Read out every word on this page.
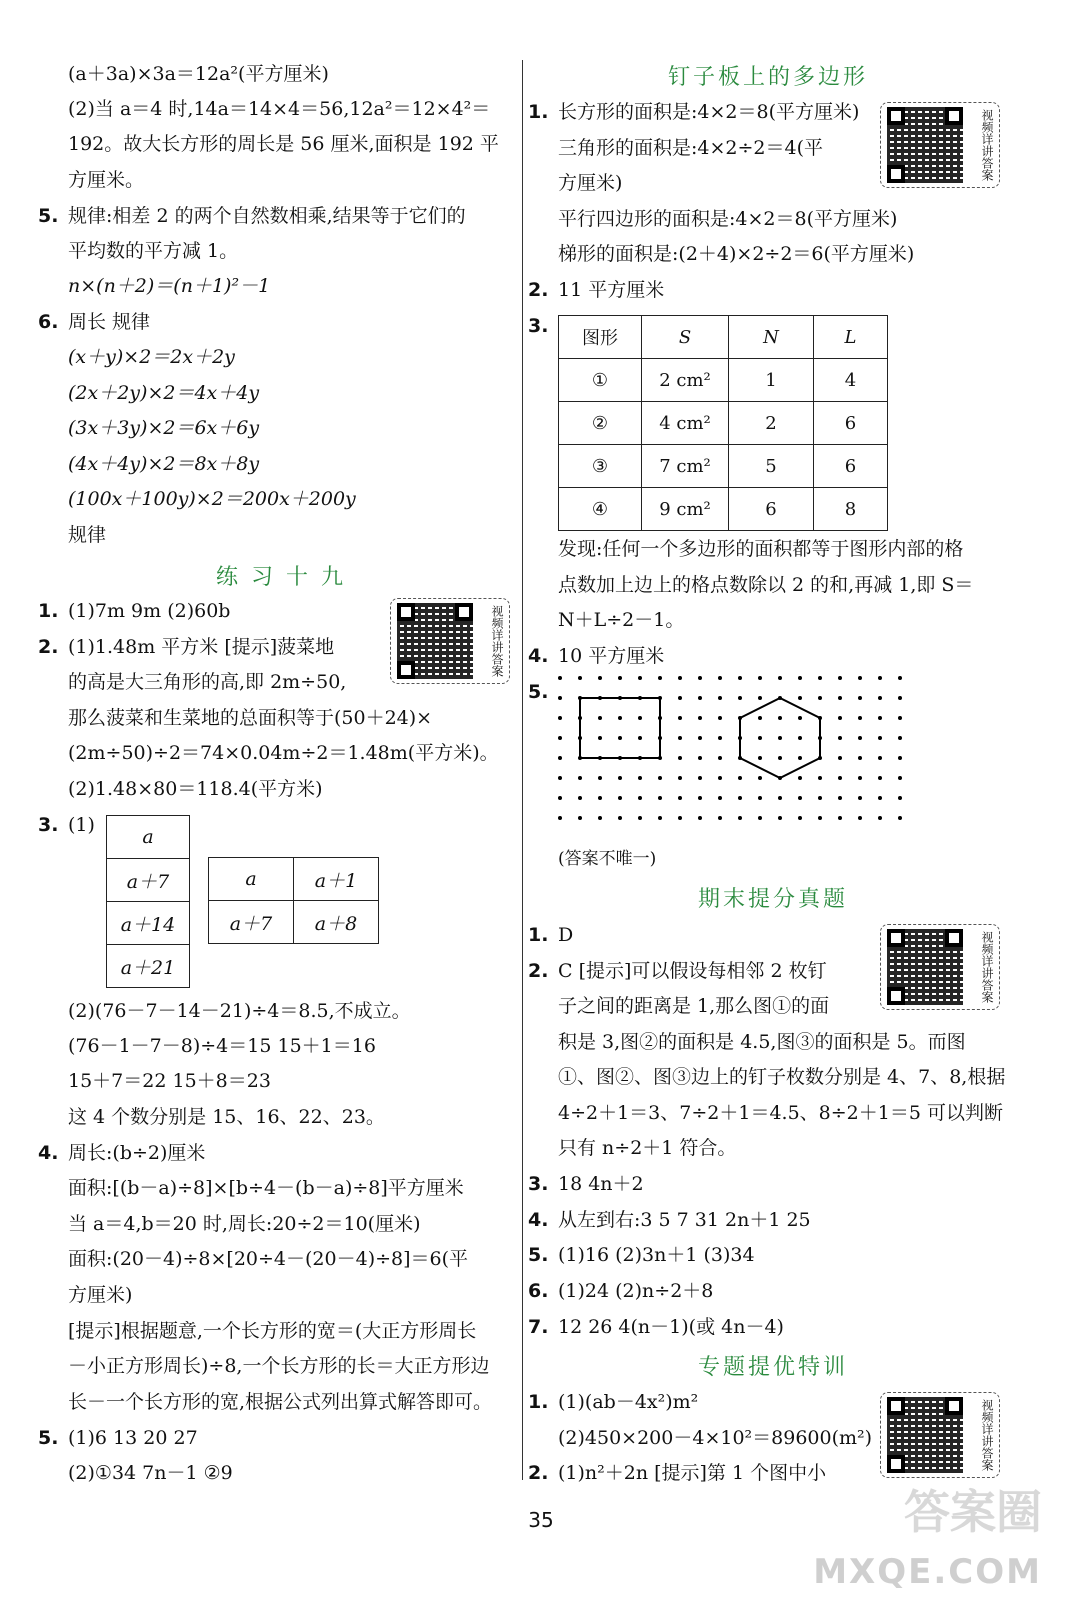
(a＋3a)×3a＝12a²(平方厘米)
(2)当 a＝4 时,14a＝14×4＝56,12a²＝12×4²＝
192。故大长方形的周长是 56 厘米,面积是 192 平
方厘米。
5. 规律:相差 2 的两个自然数相乘,结果等于它们的
平均数的平方减 1。
n×(n＋2)＝(n＋1)²－1
6. 周长 规律
(x＋y)×2＝2x＋2y
(2x＋2y)×2＝4x＋4y
(3x＋3y)×2＝6x＋6y
(4x＋4y)×2＝8x＋8y
(100x＋100y)×2＝200x＋200y
规律
练 习 十 九
视频详讲答案
1. (1)7m 9m (2)60b
2. (1)1.48m 平方米 [提示]菠菜地
的高是大三角形的高,即 2m÷50,
那么菠菜和生菜地的总面积等于(50＋24)×
(2m÷50)÷2＝74×0.04m÷2＝1.48m(平方米)。
(2)1.48×80＝118.4(平方米)
3. (1)
a
a＋7
a＋14
a＋21
a	a＋1
a＋7	a＋8
(2)(76－7－14－21)÷4＝8.5,不成立。
(76－1－7－8)÷4＝15 15＋1＝16
15＋7＝22 15＋8＝23
这 4 个数分别是 15、16、22、23。
4. 周长:(b÷2)厘米
面积:[(b－a)÷8]×[b÷4－(b－a)÷8]平方厘米
当 a＝4,b＝20 时,周长:20÷2＝10(厘米)
面积:(20－4)÷8×[20÷4－(20－4)÷8]＝6(平
方厘米)
[提示]根据题意,一个长方形的宽＝(大正方形周长
－小正方形周长)÷8,一个长方形的长＝大正方形边
长－一个长方形的宽,根据公式列出算式解答即可。
5. (1)6 13 20 27
(2)①34 7n－1 ②9
钉子板上的多边形
视频详讲答案
1. 长方形的面积是:4×2＝8(平方厘米)
三角形的面积是:4×2÷2＝4(平
方厘米)
平行四边形的面积是:4×2＝8(平方厘米)
梯形的面积是:(2＋4)×2÷2＝6(平方厘米)
2. 11 平方厘米
3.
图形	S	N	L
①	2 cm²	1	4
②	4 cm²	2	6
③	7 cm²	5	6
④	9 cm²	6	8
发现:任何一个多边形的面积都等于图形内部的格
点数加上边上的格点数除以 2 的和,再减 1,即 S＝
N＋L÷2－1。
4. 10 平方厘米
5.
(答案不唯一)
期末提分真题
视频详讲答案
1. D
2. C [提示]可以假设每相邻 2 枚钉
子之间的距离是 1,那么图①的面
积是 3,图②的面积是 4.5,图③的面积是 5。而图
①、图②、图③边上的钉子枚数分别是 4、7、8,根据
4÷2＋1＝3、7÷2＋1＝4.5、8÷2＋1＝5 可以判断
只有 n÷2＋1 符合。
3. 18 4n＋2
4. 从左到右:3 5 7 31 2n＋1 25
5. (1)16 (2)3n＋1 (3)34
6. (1)24 (2)n÷2＋8
7. 12 26 4(n－1)(或 4n－4)
专题提优特训
视频详讲答案
1. (1)(ab－4x²)m²
(2)450×200－4×10²＝89600(m²)
2. (1)n²＋2n [提示]第 1 个图中小
35	答案圈
MXQE.COM
